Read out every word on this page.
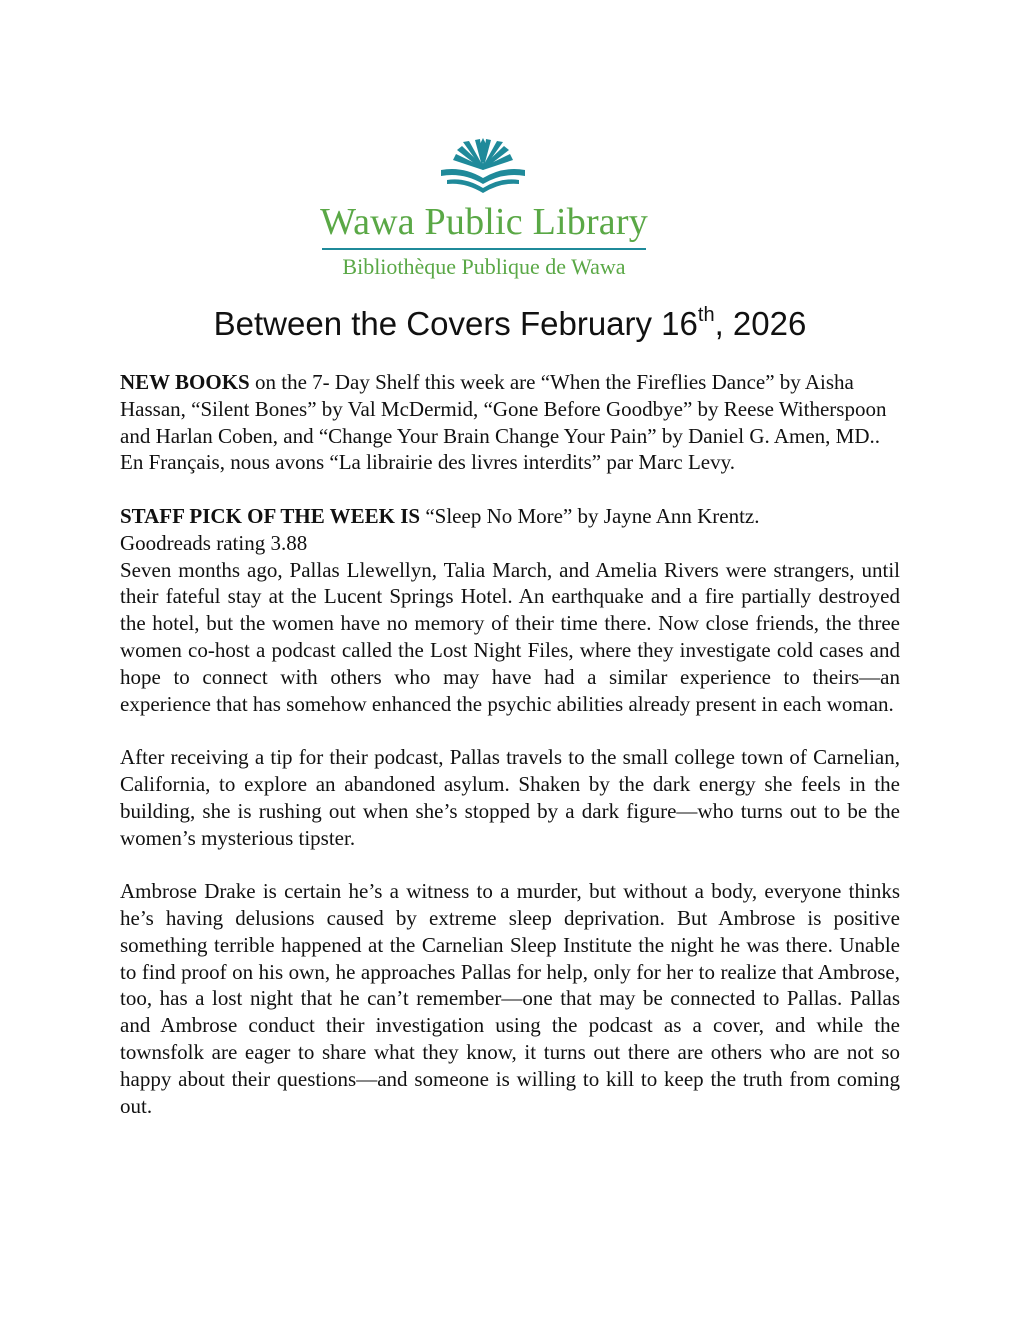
Wawa Public Library
Bibliothèque Publique de Wawa
Between the Covers February 16th, 2026

NEW BOOKS on the 7- Day Shelf this week are “When the Fireflies Dance” by Aisha Hassan, “Silent Bones” by Val McDermid, “Gone Before Goodbye” by Reese Witherspoon and Harlan Coben, and “Change Your Brain Change Your Pain” by Daniel G. Amen, MD..

En Français, nous avons “La librairie des livres interdits” par Marc Levy.

STAFF PICK OF THE WEEK IS “Sleep No More” by Jayne Ann Krentz.

Goodreads rating 3.88

Seven months ago, Pallas Llewellyn, Talia March, and Amelia Rivers were strangers, until their fateful stay at the Lucent Springs Hotel. An earthquake and a fire partially destroyed the hotel, but the women have no memory of their time there. Now close friends, the three women co-host a podcast called the Lost Night Files, where they investigate cold cases and hope to connect with others who may have had a similar experience to theirs—an experience that has somehow enhanced the psychic abilities already present in each woman.

After receiving a tip for their podcast, Pallas travels to the small college town of Carnelian, California, to explore an abandoned asylum. Shaken by the dark energy she feels in the building, she is rushing out when she’s stopped by a dark figure—who turns out to be the women’s mysterious tipster.

Ambrose Drake is certain he’s a witness to a murder, but without a body, everyone thinks he’s having delusions caused by extreme sleep deprivation. But Ambrose is positive something terrible happened at the Carnelian Sleep Institute the night he was there. Unable to find proof on his own, he approaches Pallas for help, only for her to realize that Ambrose, too, has a lost night that he can’t remember—one that may be connected to Pallas. Pallas and Ambrose conduct their investigation using the podcast as a cover, and while the townsfolk are eager to share what they know, it turns out there are others who are not so happy about their questions—and someone is willing to kill to keep the truth from coming out.
